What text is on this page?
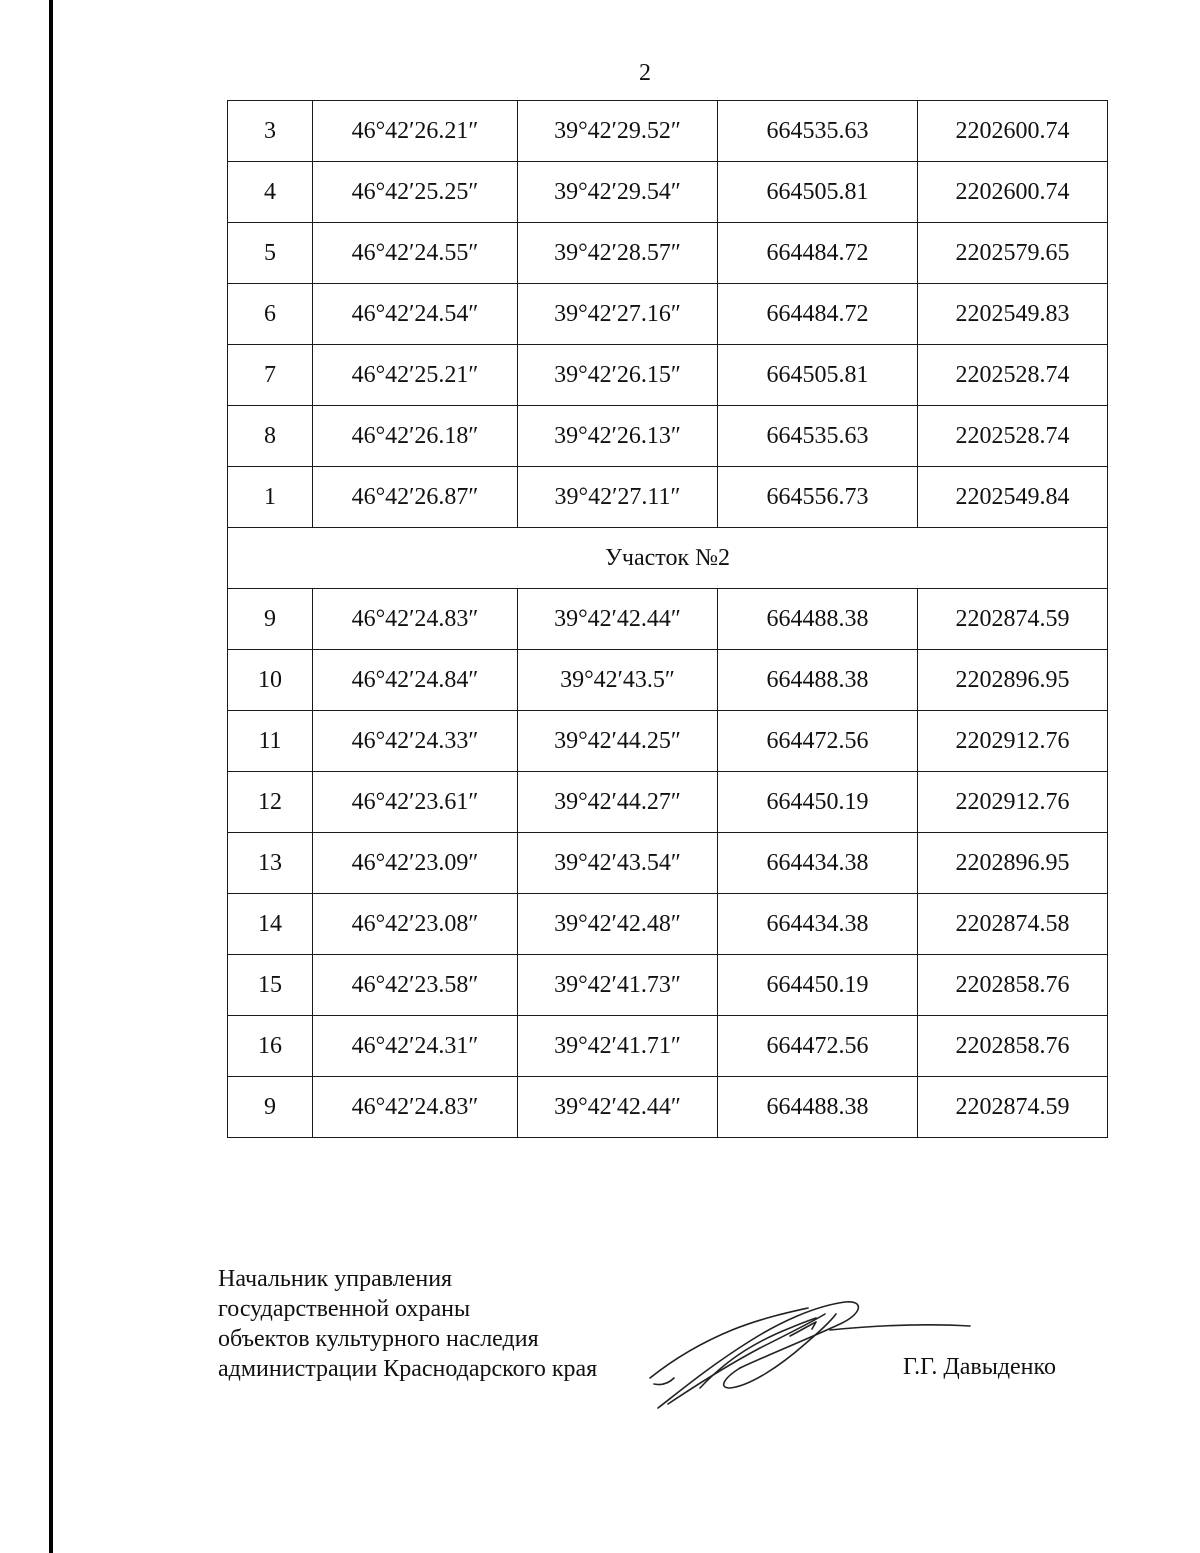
2
3	46°42′26.21″	39°42′29.52″	664535.63	2202600.74
4	46°42′25.25″	39°42′29.54″	664505.81	2202600.74
5	46°42′24.55″	39°42′28.57″	664484.72	2202579.65
6	46°42′24.54″	39°42′27.16″	664484.72	2202549.83
7	46°42′25.21″	39°42′26.15″	664505.81	2202528.74
8	46°42′26.18″	39°42′26.13″	664535.63	2202528.74
1	46°42′26.87″	39°42′27.11″	664556.73	2202549.84
Участок №2				
9	46°42′24.83″	39°42′42.44″	664488.38	2202874.59
10	46°42′24.84″	39°42′43.5″	664488.38	2202896.95
11	46°42′24.33″	39°42′44.25″	664472.56	2202912.76
12	46°42′23.61″	39°42′44.27″	664450.19	2202912.76
13	46°42′23.09″	39°42′43.54″	664434.38	2202896.95
14	46°42′23.08″	39°42′42.48″	664434.38	2202874.58
15	46°42′23.58″	39°42′41.73″	664450.19	2202858.76
16	46°42′24.31″	39°42′41.71″	664472.56	2202858.76
9	46°42′24.83″	39°42′42.44″	664488.38	2202874.59
Начальник управления
государственной охраны
объектов культурного наследия
администрации Краснодарского края	Г.Г. Давыденко
